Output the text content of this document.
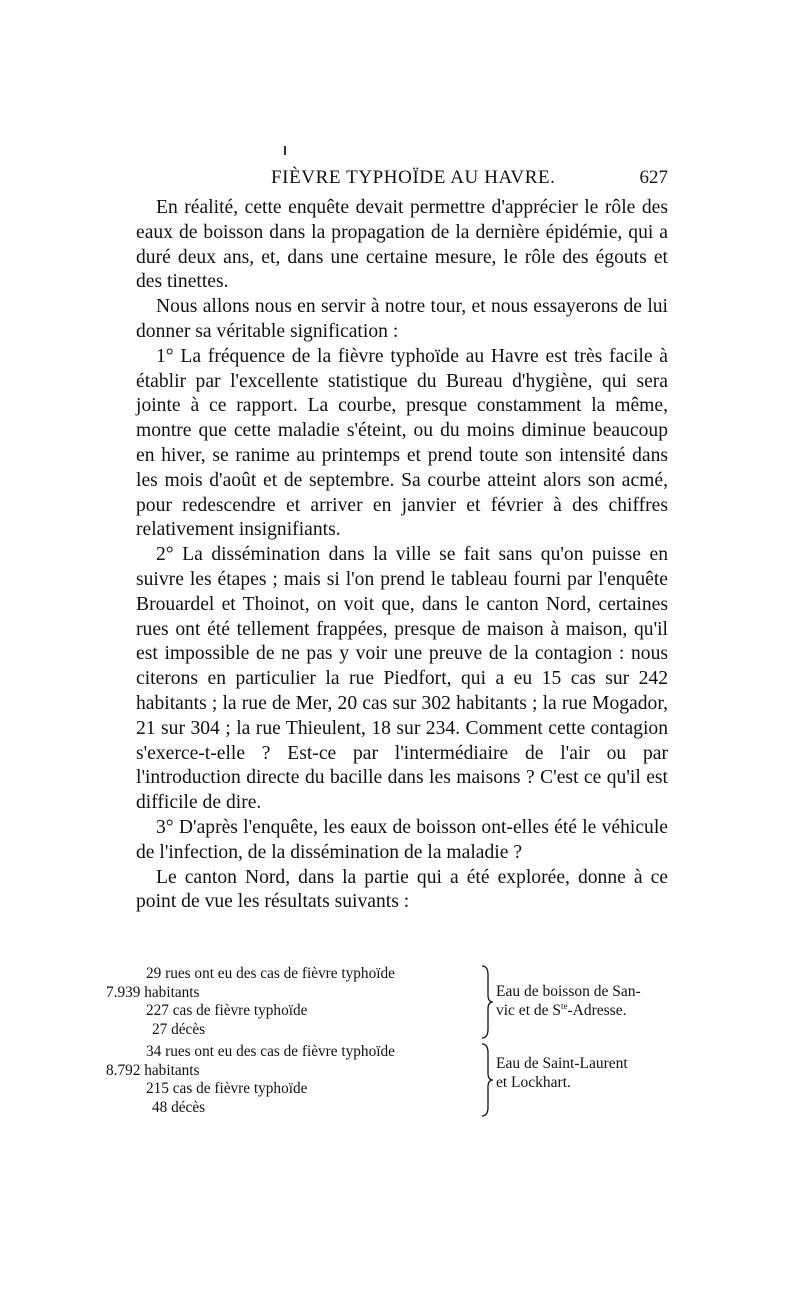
FIÈVRE TYPHOÏDE AU HAVRE.	627

En réalité, cette enquête devait permettre d'apprécier le rôle des eaux de boisson dans la propagation de la dernière épidémie, qui a duré deux ans, et, dans une certaine mesure, le rôle des égouts et des tinettes.

Nous allons nous en servir à notre tour, et nous essayerons de lui donner sa véritable signification :

1° La fréquence de la fièvre typhoïde au Havre est très facile à établir par l'excellente statistique du Bureau d'hygiène, qui sera jointe à ce rapport. La courbe, presque constamment la même, montre que cette maladie s'éteint, ou du moins diminue beaucoup en hiver, se ranime au printemps et prend toute son intensité dans les mois d'août et de septembre. Sa courbe atteint alors son acmé, pour redescendre et arriver en janvier et février à des chiffres relativement insignifiants.

2° La dissémination dans la ville se fait sans qu'on puisse en suivre les étapes ; mais si l'on prend le tableau fourni par l'enquête Brouardel et Thoinot, on voit que, dans le canton Nord, certaines rues ont été tellement frappées, presque de maison à maison, qu'il est impossible de ne pas y voir une preuve de la contagion : nous citerons en particulier la rue Piedfort, qui a eu 15 cas sur 242 habitants ; la rue de Mer, 20 cas sur 302 habitants ; la rue Mogador, 21 sur 304 ; la rue Thieulent, 18 sur 234. Comment cette contagion s'exerce-t-elle ? Est-ce par l'intermédiaire de l'air ou par l'introduction directe du bacille dans les maisons ? C'est ce qu'il est difficile de dire.

3° D'après l'enquête, les eaux de boisson ont-elles été le véhicule de l'infection, de la dissémination de la maladie ?

Le canton Nord, dans la partie qui a été explorée, donne à ce point de vue les résultats suivants :

29 rues ont eu des cas de fièvre typhoïde
7.939 habitants
227 cas de fièvre typhoïde
27 décès
Eau de boisson de San-
vic et de $S^{te}$-Adresse.
34 rues ont eu des cas de fièvre typhoïde
8.792 habitants
215 cas de fièvre typhoïde
48 décès
Eau de Saint-Laurent
et Lockhart.
